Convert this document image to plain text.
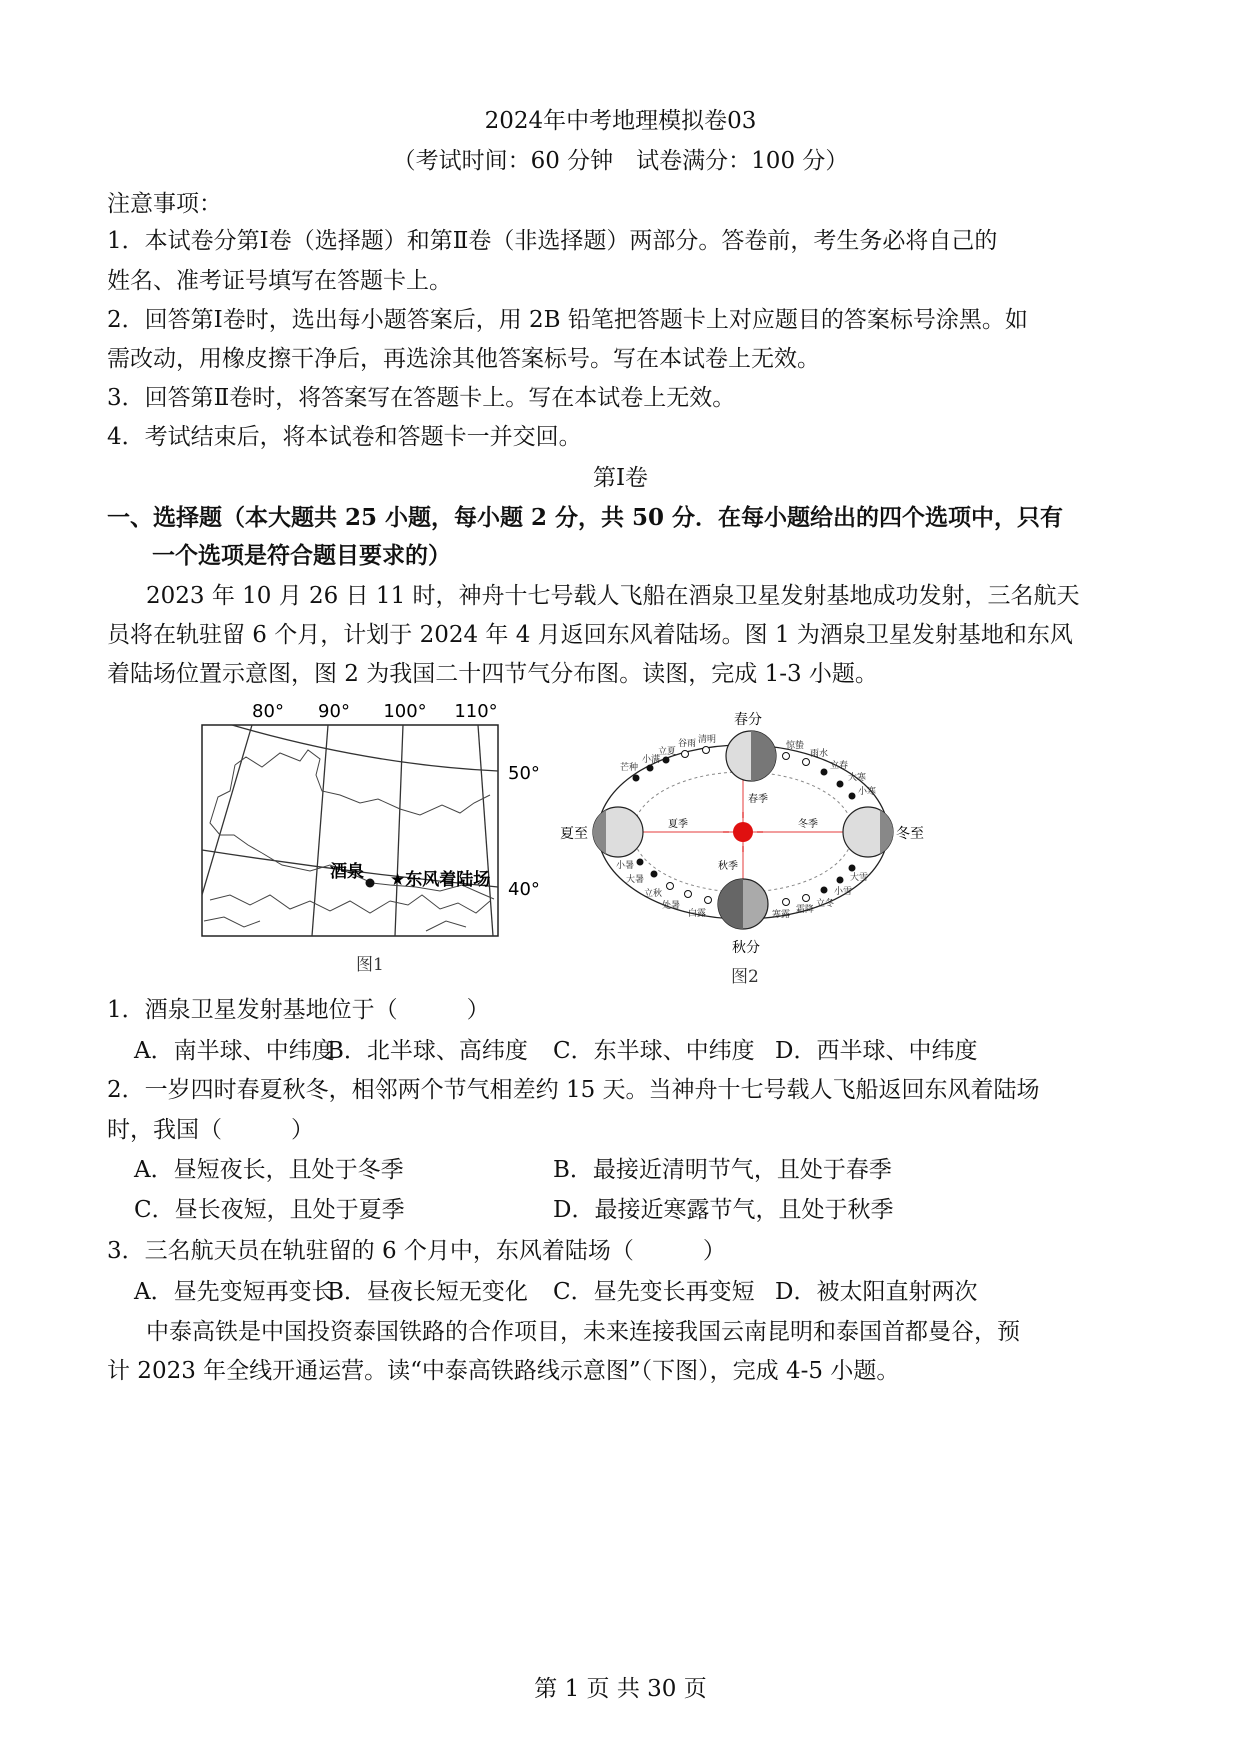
2024年中考地理模拟卷03
（考试时间：60 分钟　试卷满分：100 分）
注意事项：
1．本试卷分第Ⅰ卷（选择题）和第Ⅱ卷（非选择题）两部分。答卷前，考生务必将自己的
姓名、准考证号填写在答题卡上。
2．回答第Ⅰ卷时，选出每小题答案后，用 2B 铅笔把答题卡上对应题目的答案标号涂黑。如
需改动，用橡皮擦干净后，再选涂其他答案标号。写在本试卷上无效。
3．回答第Ⅱ卷时，将答案写在答题卡上。写在本试卷上无效。
4．考试结束后，将本试卷和答题卡一并交回。
第Ⅰ卷
一、选择题（本大题共 25 小题，每小题 2 分，共 50 分．在每小题给出的四个选项中，只有
一个选项是符合题目要求的）
2023 年 10 月 26 日 11 时，神舟十七号载人飞船在酒泉卫星发射基地成功发射，三名航天
员将在轨驻留 6 个月，计划于 2024 年 4 月返回东风着陆场。图 1 为酒泉卫星发射基地和东风
着陆场位置示意图，图 2 为我国二十四节气分布图。读图，完成 1-3 小题。
80° 90° 100° 110°
酒泉 ★东风着陆场
50°
40°
图1
春分
夏至
秋分
冬至
春季
夏季
秋季
冬季
清明
谷雨
立夏
小满
芒种
小暑
大暑
立秋
处暑
白露	寒露 霜降
立冬
小雪
大雪
小寒
大寒
立春
雨水
惊蛰
图2
1．酒泉卫星发射基地位于（　　　）
A．南半球、中纬度
B．北半球、高纬度 C．东半球、中纬度 D．西半球、中纬度
2．一岁四时春夏秋冬，相邻两个节气相差约 15 天。当神舟十七号载人飞船返回东风着陆场
时，我国（　　　）
A．昼短夜长，且处于冬季	B．最接近清明节气，且处于春季
C．昼长夜短，且处于夏季	D．最接近寒露节气，且处于秋季
3．三名航天员在轨驻留的 6 个月中，东风着陆场（　　　）
A．昼先变短再变长
B．昼夜长短无变化 C．昼先变长再变短 D．被太阳直射两次
中泰高铁是中国投资泰国铁路的合作项目，未来连接我国云南昆明和泰国首都曼谷，预
计 2023 年全线开通运营。读“中泰高铁路线示意图”（下图），完成 4-5 小题。
第 1 页 共 30 页
